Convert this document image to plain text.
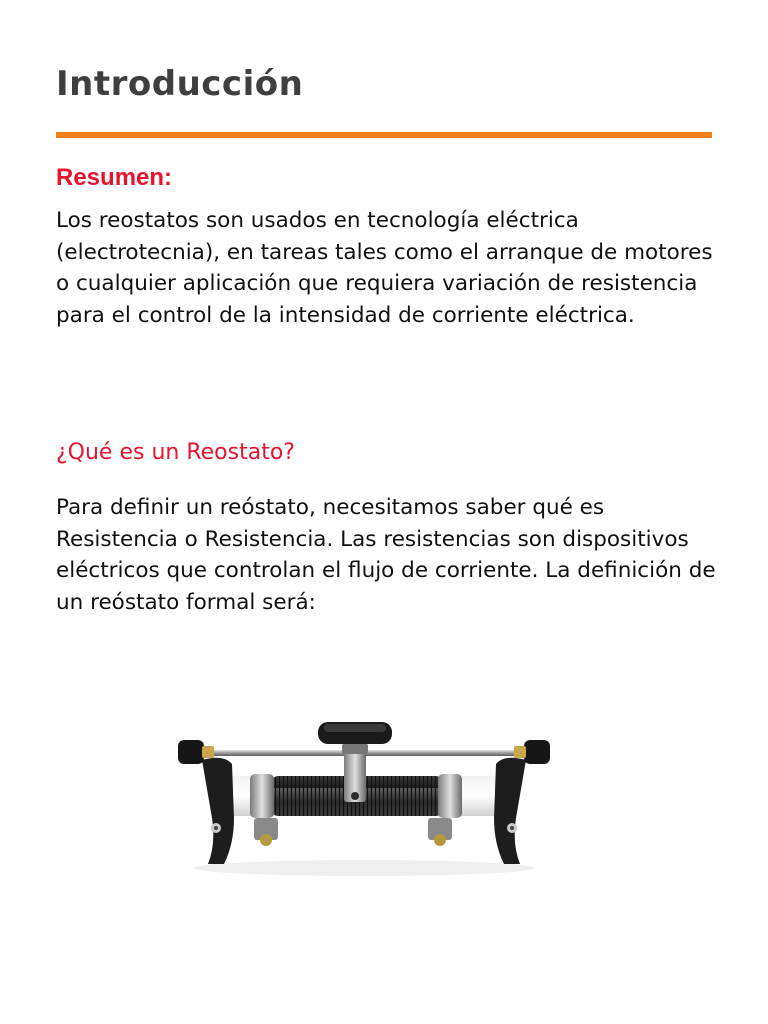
Introducción
Resumen:

Los reostatos son usados en tecnología eléctrica (electrotecnia), en tareas tales como el arranque de motores o cualquier aplicación que requiera variación de resistencia para el control de la intensidad de corriente eléctrica.

¿Qué es un Reostato?

Para definir un reóstato, necesitamos saber qué es Resistencia o Resistencia. Las resistencias son dispositivos eléctricos que controlan el flujo de corriente. La definición de un reóstato formal será:
